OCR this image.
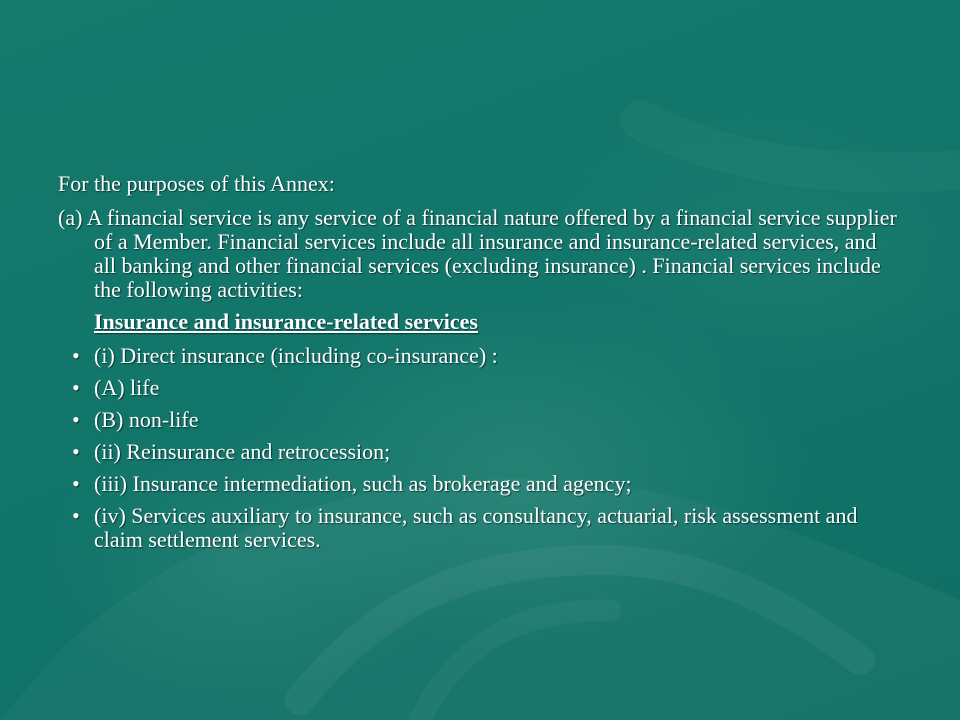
For the purposes of this Annex:

(a) A financial service is any service of a financial nature offered by a financial service supplier of a Member. Financial services include all insurance and insurance-related services, and all banking and other financial services (excluding insurance) . Financial services include the following activities:

Insurance and insurance-related services

• (i) Direct insurance (including co-insurance) :
• (A) life
• (B) non-life
• (ii) Reinsurance and retrocession;
• (iii) Insurance intermediation, such as brokerage and agency;
• (iv) Services auxiliary to insurance, such as consultancy, actuarial, risk assessment and claim settlement services.
